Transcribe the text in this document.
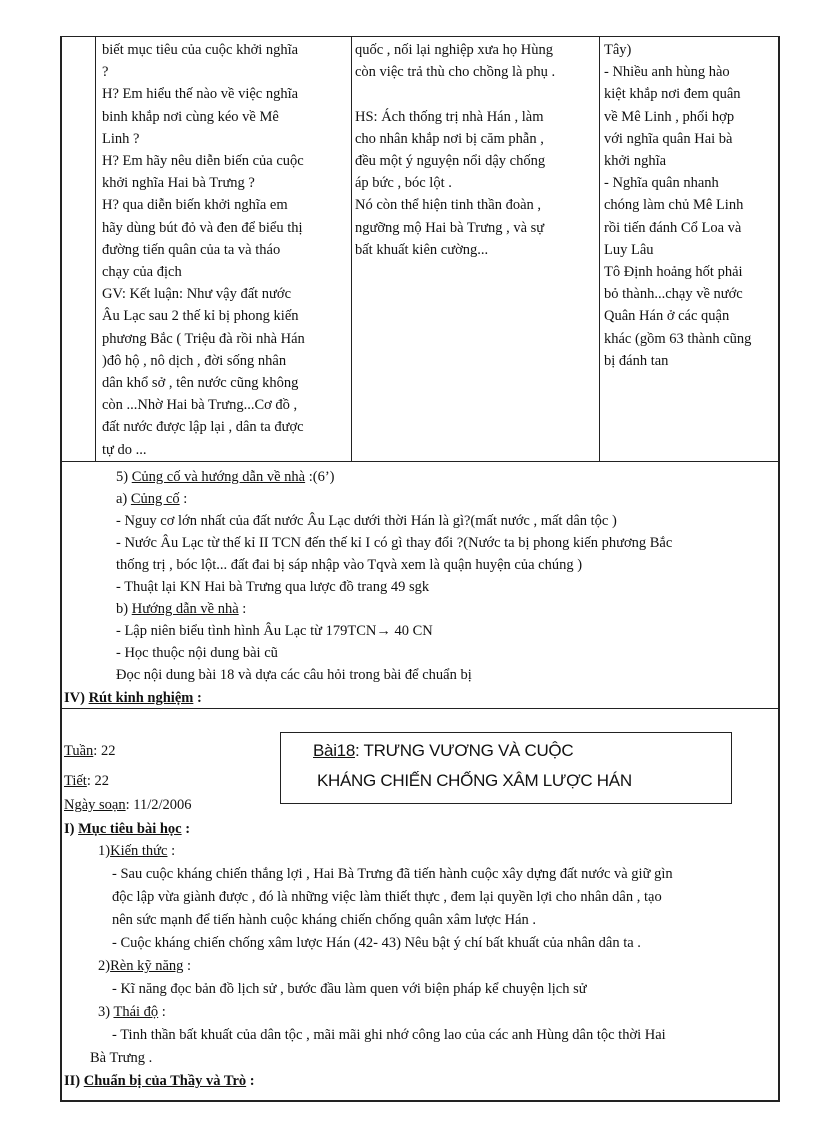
biết mục tiêu của cuộc khởi nghĩa
?
H? Em hiểu thế nào về việc nghĩa
binh khắp nơi cùng kéo về Mê
Linh ?
H? Em hãy nêu diễn biến của cuộc
khởi nghĩa Hai bà Trưng ?
H? qua diễn biến khởi nghĩa em
hãy dùng bút đỏ và đen để biểu thị
đường tiến quân của ta và tháo
chạy của địch
GV: Kết luận: Như vậy đất nước
Âu Lạc sau 2 thế kỉ bị phong kiến
phương Bắc ( Triệu đà rồi nhà Hán
)đô hộ , nô dịch , đời sống nhân
dân khổ sở , tên nước cũng không
còn ...Nhờ Hai bà Trưng...Cơ đồ ,
đất nước được lập lại , dân ta được
tự do ...
quốc , nối lại nghiệp xưa họ Hùng
còn việc trả thù cho chồng là phụ .
HS: Ách thống trị nhà Hán , làm
cho nhân khắp nơi bị căm phẫn ,
đều một ý nguyện nổi dậy chống
áp bức , bóc lột .
Nó còn thể hiện tinh thần đoàn ,
ngưỡng mộ Hai bà Trưng , và sự
bất khuất kiên cường...
Tây)
- Nhiều anh hùng hào
kiệt khắp nơi đem quân
về Mê Linh , phối hợp
với nghĩa quân Hai bà
khởi nghĩa
- Nghĩa quân nhanh
chóng làm chủ Mê Linh
rồi tiến đánh Cổ Loa và
Luy Lâu
Tô Định hoảng hốt phải
bỏ thành...chạy về nước
Quân Hán ở các quận
khác (gồm 63 thành cũng
bị đánh tan
5) Củng cố và hướng dẫn về nhà :(6’)
a) Củng cố :
- Nguy cơ lớn nhất của đất nước Âu Lạc dưới thời Hán là gì?(mất nước , mất dân tộc )
- Nước Âu Lạc từ thế kỉ II TCN đến thế kỉ I có gì thay đổi ?(Nước ta bị phong kiến phương Bắc
thống trị , bóc lột... đất đai bị sáp nhập vào Tqvà xem là quận huyện của chúng )
- Thuật lại KN Hai bà Trưng qua lược đồ trang 49 sgk
b) Hướng dẫn về nhà :
- Lập niên biểu tình hình Âu Lạc từ 179TCN→ 40 CN
- Học thuộc nội dung bài cũ
Đọc nội dung bài 18 và dựa các câu hỏi trong bài để chuẩn bị
IV) Rút kinh nghiệm :
Tuần: 22
Tiết: 22
Ngày soạn: 11/2/2006
Bài18: TRƯNG VƯƠNG VÀ CUỘC
KHÁNG CHIẾN CHỐNG XÂM LƯỢC HÁN
I) Mục tiêu bài học :
1)Kiến thức :
- Sau cuộc kháng chiến thắng lợi , Hai Bà Trưng đã tiến hành cuộc xây dựng đất nước và giữ gìn
độc lập vừa giành được , đó là những việc làm thiết thực , đem lại quyền lợi cho nhân dân , tạo
nên sức mạnh để tiến hành cuộc kháng chiến chống quân xâm lược Hán .
- Cuộc kháng chiến chống xâm lược Hán (42- 43) Nêu bật ý chí bất khuất của nhân dân ta .
2)Rèn kỹ năng :
- Kĩ năng đọc bản đồ lịch sử , bước đầu làm quen với biện pháp kể chuyện lịch sử
3) Thái độ :
- Tinh thần bất khuất của dân tộc , mãi mãi ghi nhớ công lao của các anh Hùng dân tộc thời Hai
Bà Trưng .
II) Chuẩn bị của Thầy và Trò :
